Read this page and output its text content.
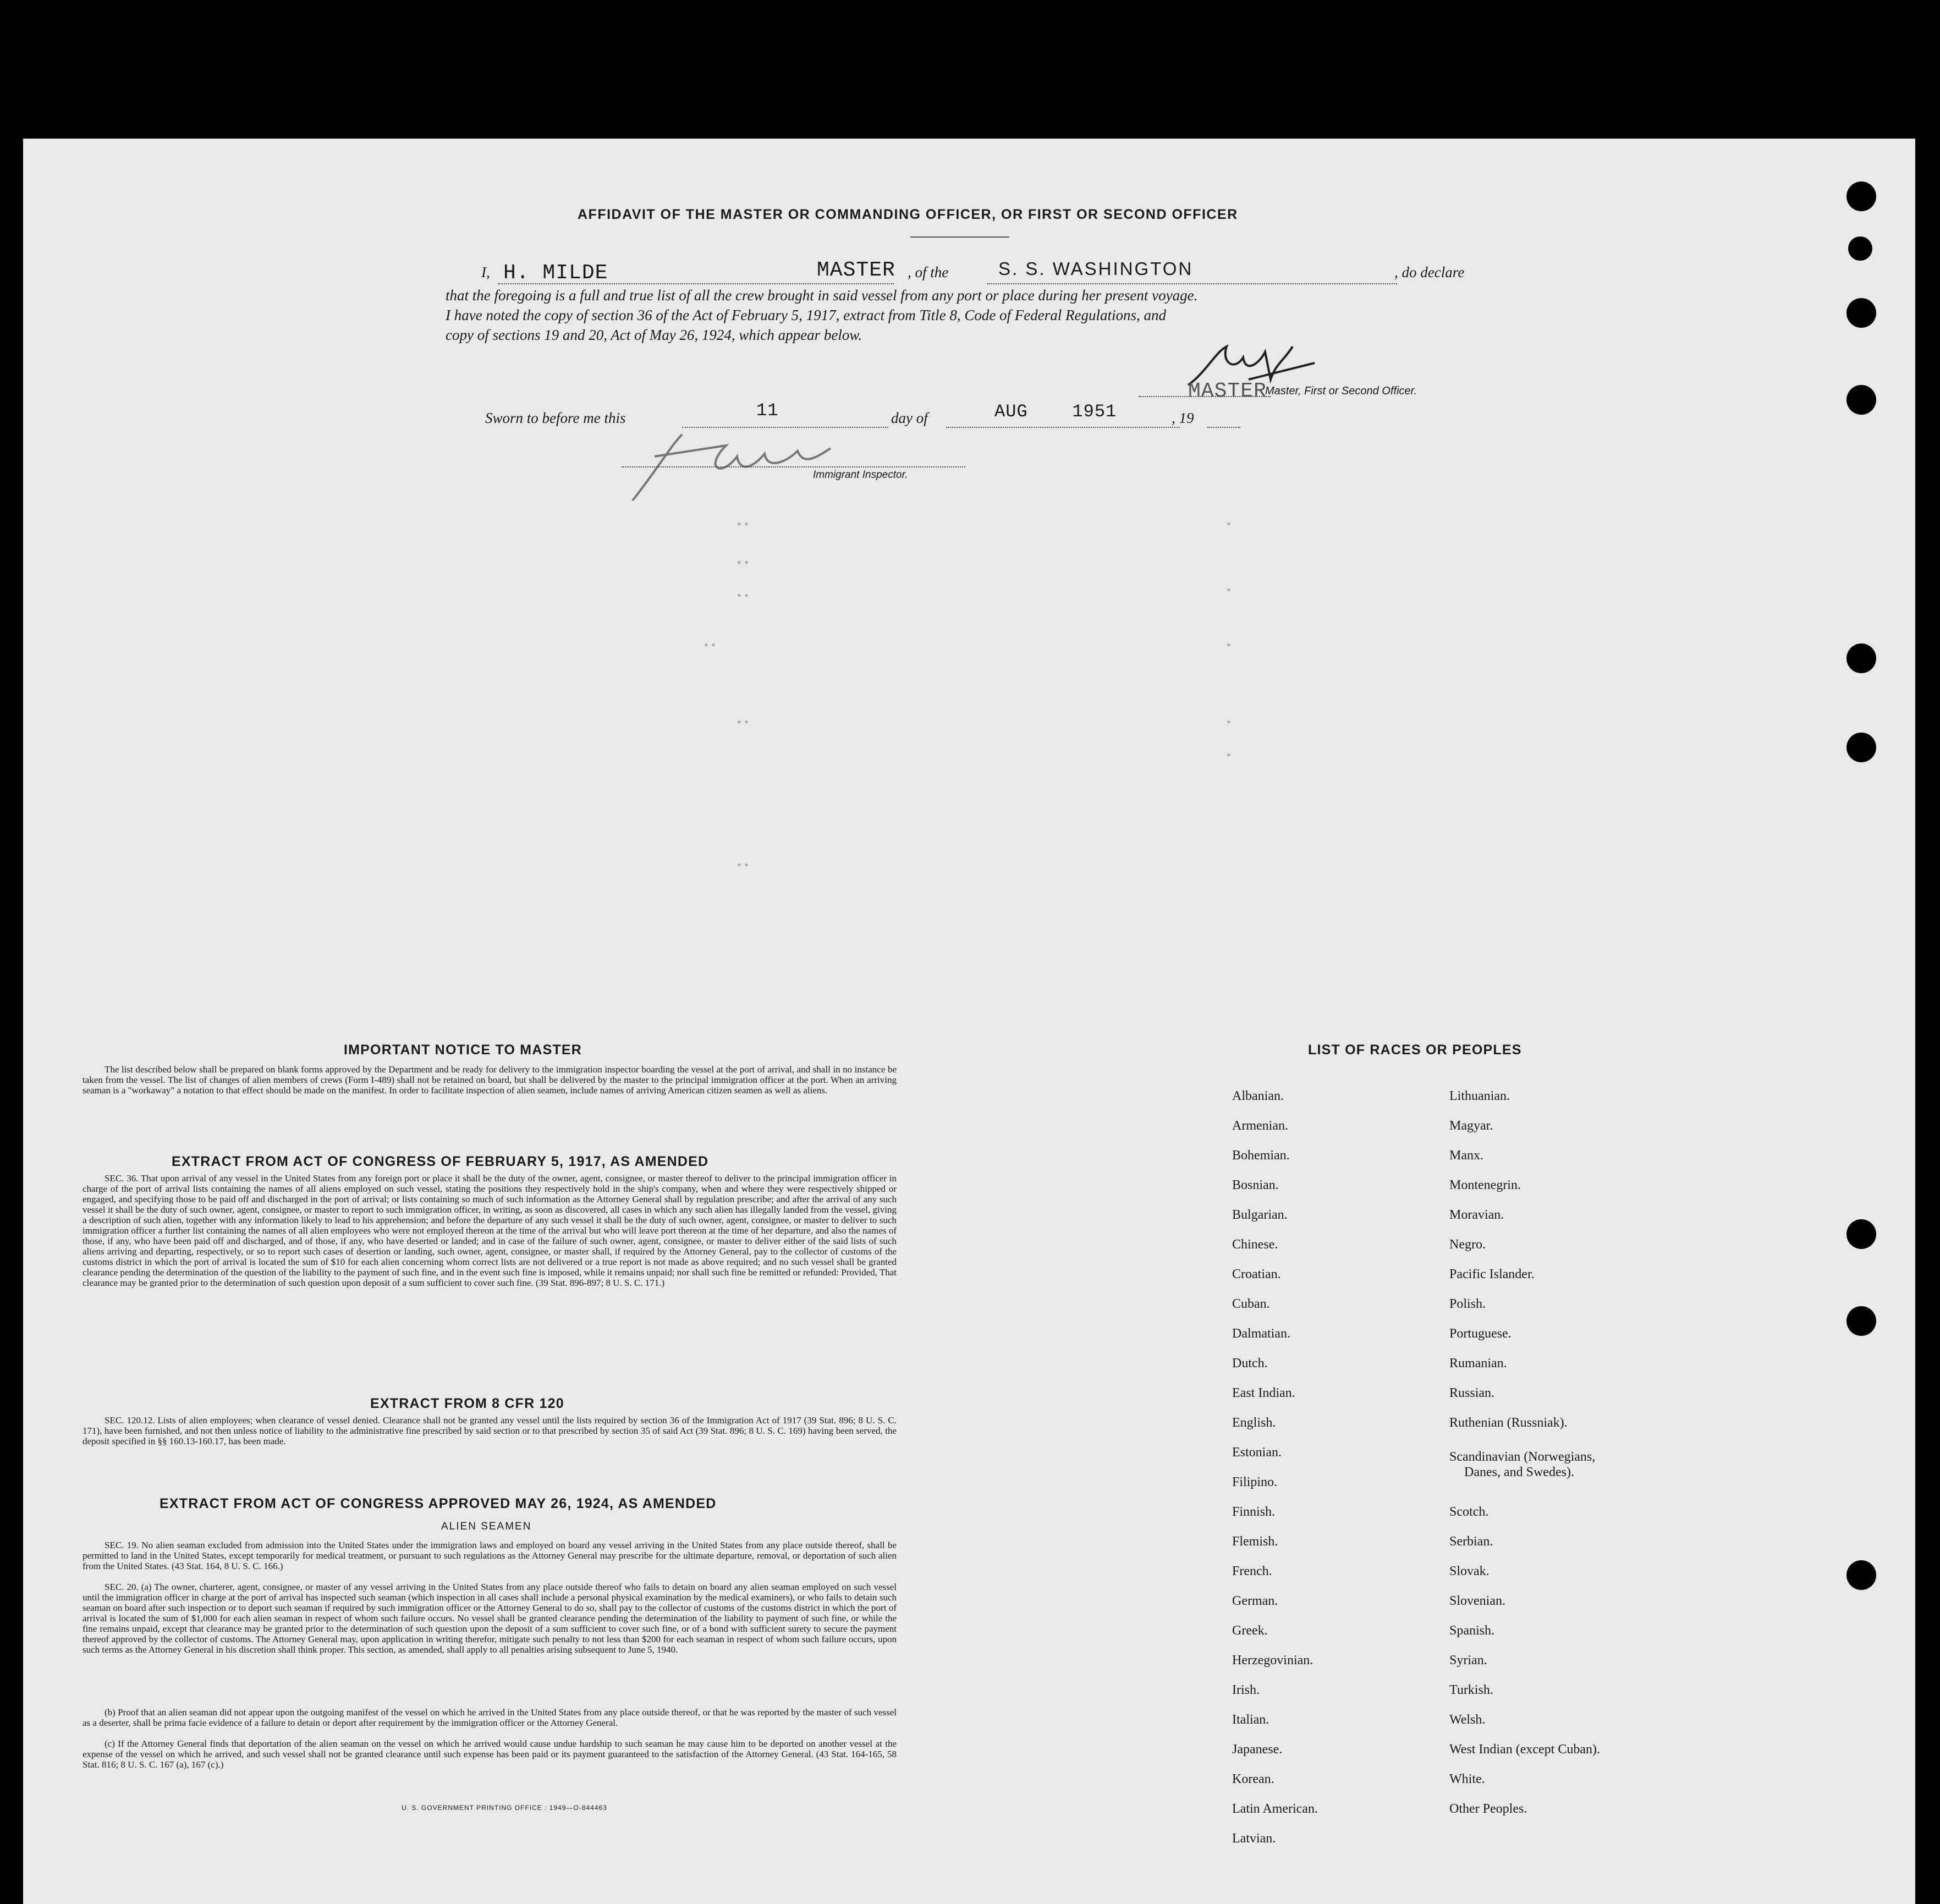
AFFIDAVIT OF THE MASTER OR COMMANDING OFFICER, OR FIRST OR SECOND OFFICER
I, H. MILDE	MASTER , of the	S. S. WASHINGTON	, do declare
that the foregoing is a full and true list of all the crew brought in said vessel from any port or place during her present voyage.
I have noted the copy of section 36 of the Act of February 5, 1917, extract from Title 8, Code of Federal Regulations, and
copy of sections 19 and 20, Act of May 26, 1924, which appear below.
MASTER
Master, First or Second Officer.
Sworn to before me this	11	day of	AUG    1951	, 19
Immigrant Inspector.
• •
• •
• •
• •
• •
• •
•
•
•
•
•
IMPORTANT NOTICE TO MASTER
The list described below shall be prepared on blank forms approved by the Department and be ready for delivery to the immigration inspector boarding the vessel at the port of arrival, and shall in no instance be taken from the vessel. The list of changes of alien members of crews (Form I-489) shall not be retained on board, but shall be delivered by the master to the principal immigration officer at the port. When an arriving seaman is a "workaway" a notation to that effect should be made on the manifest. In order to facilitate inspection of alien seamen, include names of arriving American citizen seamen as well as aliens.
EXTRACT FROM ACT OF CONGRESS OF FEBRUARY 5, 1917, AS AMENDED
SEC. 36. That upon arrival of any vessel in the United States from any foreign port or place it shall be the duty of the owner, agent, consignee, or master thereof to deliver to the principal immigration officer in charge of the port of arrival lists containing the names of all aliens employed on such vessel, stating the positions they respectively hold in the ship's company, when and where they were respectively shipped or engaged, and specifying those to be paid off and discharged in the port of arrival; or lists containing so much of such information as the Attorney General shall by regulation prescribe; and after the arrival of any such vessel it shall be the duty of such owner, agent, consignee, or master to report to such immigration officer, in writing, as soon as discovered, all cases in which any such alien has illegally landed from the vessel, giving a description of such alien, together with any information likely to lead to his apprehension; and before the departure of any such vessel it shall be the duty of such owner, agent, consignee, or master to deliver to such immigration officer a further list containing the names of all alien employees who were not employed thereon at the time of the arrival but who will leave port thereon at the time of her departure, and also the names of those, if any, who have been paid off and discharged, and of those, if any, who have deserted or landed; and in case of the failure of such owner, agent, consignee, or master to deliver either of the said lists of such aliens arriving and departing, respectively, or so to report such cases of desertion or landing, such owner, agent, consignee, or master shall, if required by the Attorney General, pay to the collector of customs of the customs district in which the port of arrival is located the sum of $10 for each alien concerning whom correct lists are not delivered or a true report is not made as above required; and no such vessel shall be granted clearance pending the determination of the question of the liability to the payment of such fine, and in the event such fine is imposed, while it remains unpaid; nor shall such fine be remitted or refunded: Provided, That clearance may be granted prior to the determination of such question upon deposit of a sum sufficient to cover such fine. (39 Stat. 896-897; 8 U. S. C. 171.)
EXTRACT FROM 8 CFR 120
SEC. 120.12. Lists of alien employees; when clearance of vessel denied. Clearance shall not be granted any vessel until the lists required by section 36 of the Immigration Act of 1917 (39 Stat. 896; 8 U. S. C. 171), have been furnished, and not then unless notice of liability to the administrative fine prescribed by said section or to that prescribed by section 35 of said Act (39 Stat. 896; 8 U. S. C. 169) having been served, the deposit specified in §§ 160.13-160.17, has been made.
EXTRACT FROM ACT OF CONGRESS APPROVED MAY 26, 1924, AS AMENDED
ALIEN SEAMEN
SEC. 19. No alien seaman excluded from admission into the United States under the immigration laws and employed on board any vessel arriving in the United States from any place outside thereof, shall be permitted to land in the United States, except temporarily for medical treatment, or pursuant to such regulations as the Attorney General may prescribe for the ultimate departure, removal, or deportation of such alien from the United States. (43 Stat. 164, 8 U. S. C. 166.)
SEC. 20. (a) The owner, charterer, agent, consignee, or master of any vessel arriving in the United States from any place outside thereof who fails to detain on board any alien seaman employed on such vessel until the immigration officer in charge at the port of arrival has inspected such seaman (which inspection in all cases shall include a personal physical examination by the medical examiners), or who fails to detain such seaman on board after such inspection or to deport such seaman if required by such immigration officer or the Attorney General to do so, shall pay to the collector of customs of the customs district in which the port of arrival is located the sum of $1,000 for each alien seaman in respect of whom such failure occurs. No vessel shall be granted clearance pending the determination of the liability to payment of such fine, or while the fine remains unpaid, except that clearance may be granted prior to the determination of such question upon the deposit of a sum sufficient to cover such fine, or of a bond with sufficient surety to secure the payment thereof approved by the collector of customs. The Attorney General may, upon application in writing therefor, mitigate such penalty to not less than $200 for each seaman in respect of whom such failure occurs, upon such terms as the Attorney General in his discretion shall think proper. This section, as amended, shall apply to all penalties arising subsequent to June 5, 1940.
(b) Proof that an alien seaman did not appear upon the outgoing manifest of the vessel on which he arrived in the United States from any place outside thereof, or that he was reported by the master of such vessel as a deserter, shall be prima facie evidence of a failure to detain or deport after requirement by the immigration officer or the Attorney General.
(c) If the Attorney General finds that deportation of the alien seaman on the vessel on which he arrived would cause undue hardship to such seaman he may cause him to be deported on another vessel at the expense of the vessel on which he arrived, and such vessel shall not be granted clearance until such expense has been paid or its payment guaranteed to the satisfaction of the Attorney General. (43 Stat. 164-165, 58 Stat. 816; 8 U. S. C. 167 (a), 167 (c).)
U. S. GOVERNMENT PRINTING OFFICE : 1949—O-844463
LIST OF RACES OR PEOPLES
Albanian.
Armenian.
Bohemian.
Bosnian.
Bulgarian.
Chinese.
Croatian.
Cuban.
Dalmatian.
Dutch.
East Indian.
English.
Estonian.
Filipino.
Finnish.
Flemish.
French.
German.
Greek.
Herzegovinian.
Irish.
Italian.
Japanese.
Korean.
Latin American.
Latvian.
Lithuanian.
Magyar.
Manx.
Montenegrin.
Moravian.
Negro.
Pacific Islander.
Polish.
Portuguese.
Rumanian.
Russian.
Ruthenian (Russniak).
Scandinavian (Norwegians,
Danes, and Swedes).
Scotch.
Serbian.
Slovak.
Slovenian.
Spanish.
Syrian.
Turkish.
Welsh.
West Indian (except Cuban).
White.
Other Peoples.
